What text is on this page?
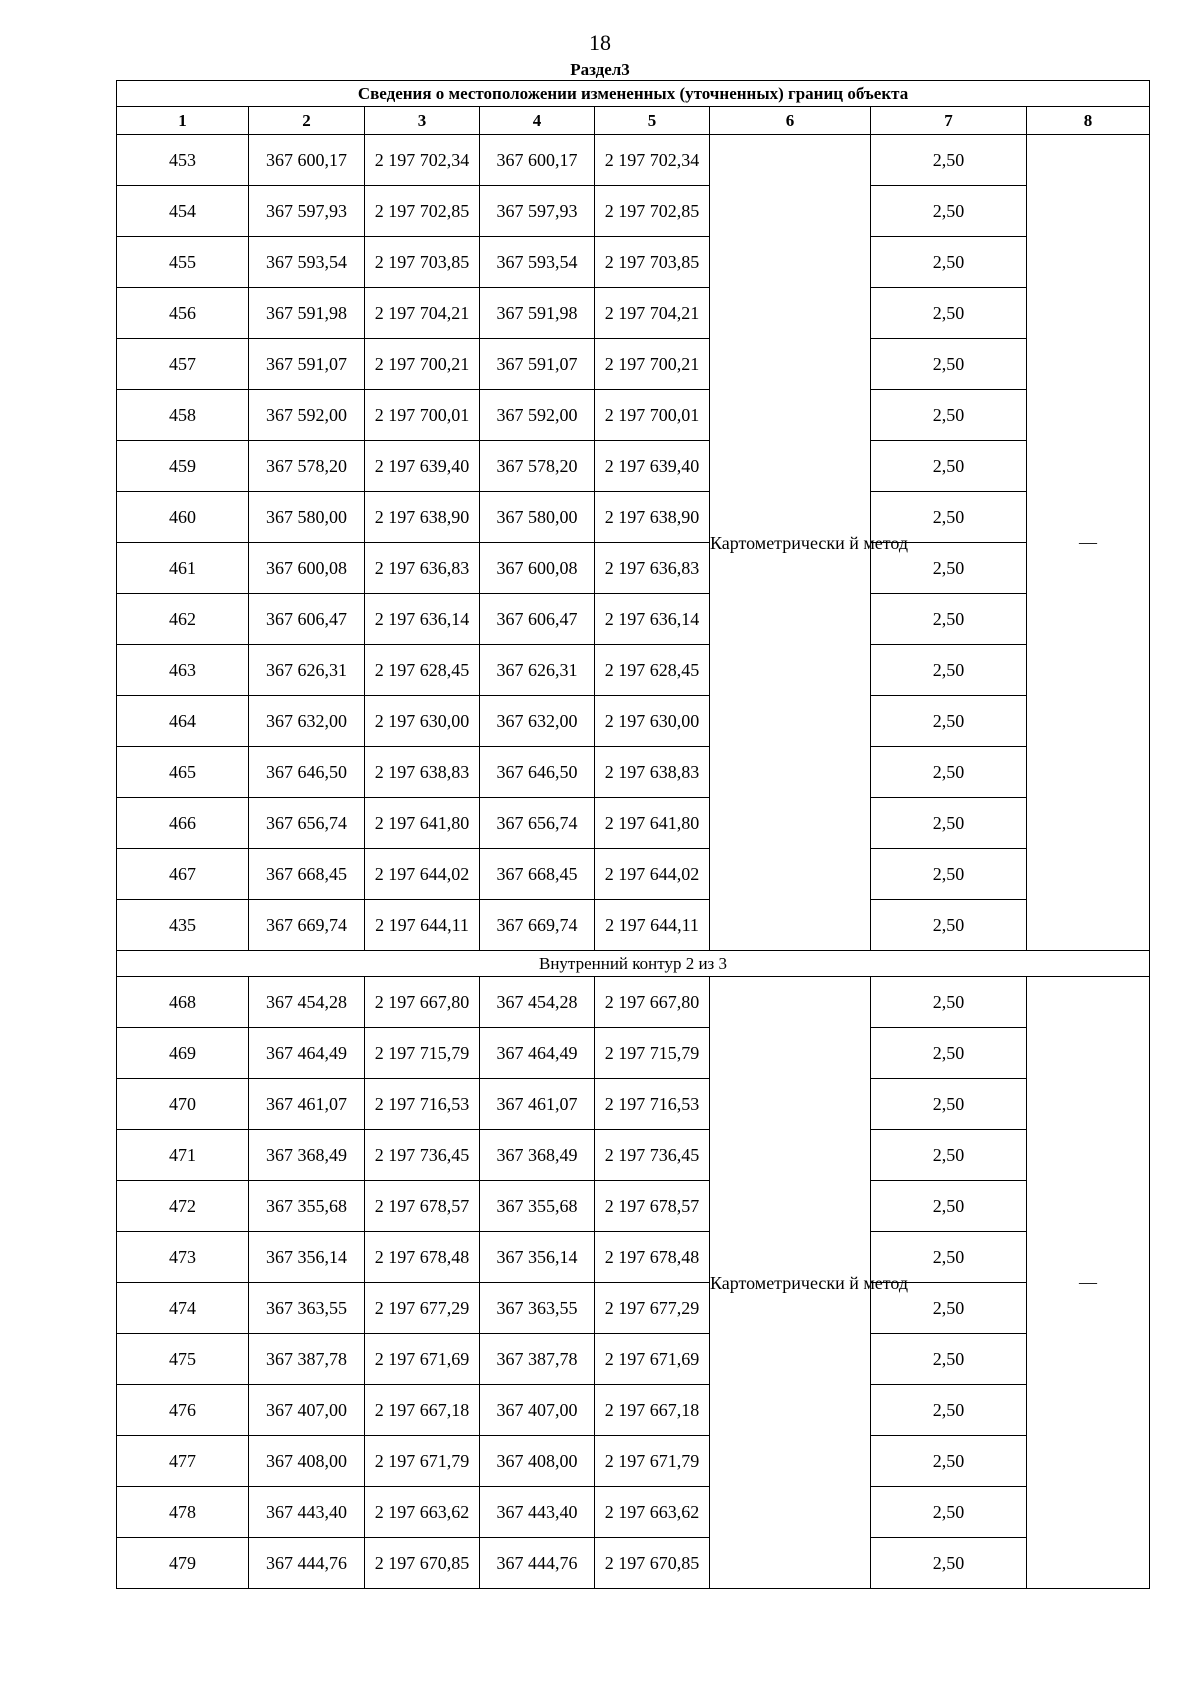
18
Раздел3
Сведения о местоположении измененных (уточненных) границ объекта							
1	2	3	4	5	6	7	8
453	367 600,17	2 197 702,34	367 600,17	2 197 702,34	Картометрически й метод	2,50	—
454	367 597,93	2 197 702,85	367 597,93	2 197 702,85		2,50	
455	367 593,54	2 197 703,85	367 593,54	2 197 703,85		2,50	
456	367 591,98	2 197 704,21	367 591,98	2 197 704,21		2,50	
457	367 591,07	2 197 700,21	367 591,07	2 197 700,21		2,50	
458	367 592,00	2 197 700,01	367 592,00	2 197 700,01		2,50	
459	367 578,20	2 197 639,40	367 578,20	2 197 639,40		2,50	
460	367 580,00	2 197 638,90	367 580,00	2 197 638,90		2,50	
461	367 600,08	2 197 636,83	367 600,08	2 197 636,83		2,50	
462	367 606,47	2 197 636,14	367 606,47	2 197 636,14		2,50	
463	367 626,31	2 197 628,45	367 626,31	2 197 628,45		2,50	
464	367 632,00	2 197 630,00	367 632,00	2 197 630,00		2,50	
465	367 646,50	2 197 638,83	367 646,50	2 197 638,83		2,50	
466	367 656,74	2 197 641,80	367 656,74	2 197 641,80		2,50	
467	367 668,45	2 197 644,02	367 668,45	2 197 644,02		2,50	
435	367 669,74	2 197 644,11	367 669,74	2 197 644,11		2,50	
Внутренний контур 2 из 3							
468	367 454,28	2 197 667,80	367 454,28	2 197 667,80	Картометрически й метод	2,50	—
469	367 464,49	2 197 715,79	367 464,49	2 197 715,79		2,50	
470	367 461,07	2 197 716,53	367 461,07	2 197 716,53		2,50	
471	367 368,49	2 197 736,45	367 368,49	2 197 736,45		2,50	
472	367 355,68	2 197 678,57	367 355,68	2 197 678,57		2,50	
473	367 356,14	2 197 678,48	367 356,14	2 197 678,48		2,50	
474	367 363,55	2 197 677,29	367 363,55	2 197 677,29		2,50	
475	367 387,78	2 197 671,69	367 387,78	2 197 671,69		2,50	
476	367 407,00	2 197 667,18	367 407,00	2 197 667,18		2,50	
477	367 408,00	2 197 671,79	367 408,00	2 197 671,79		2,50	
478	367 443,40	2 197 663,62	367 443,40	2 197 663,62		2,50	
479	367 444,76	2 197 670,85	367 444,76	2 197 670,85		2,50	
